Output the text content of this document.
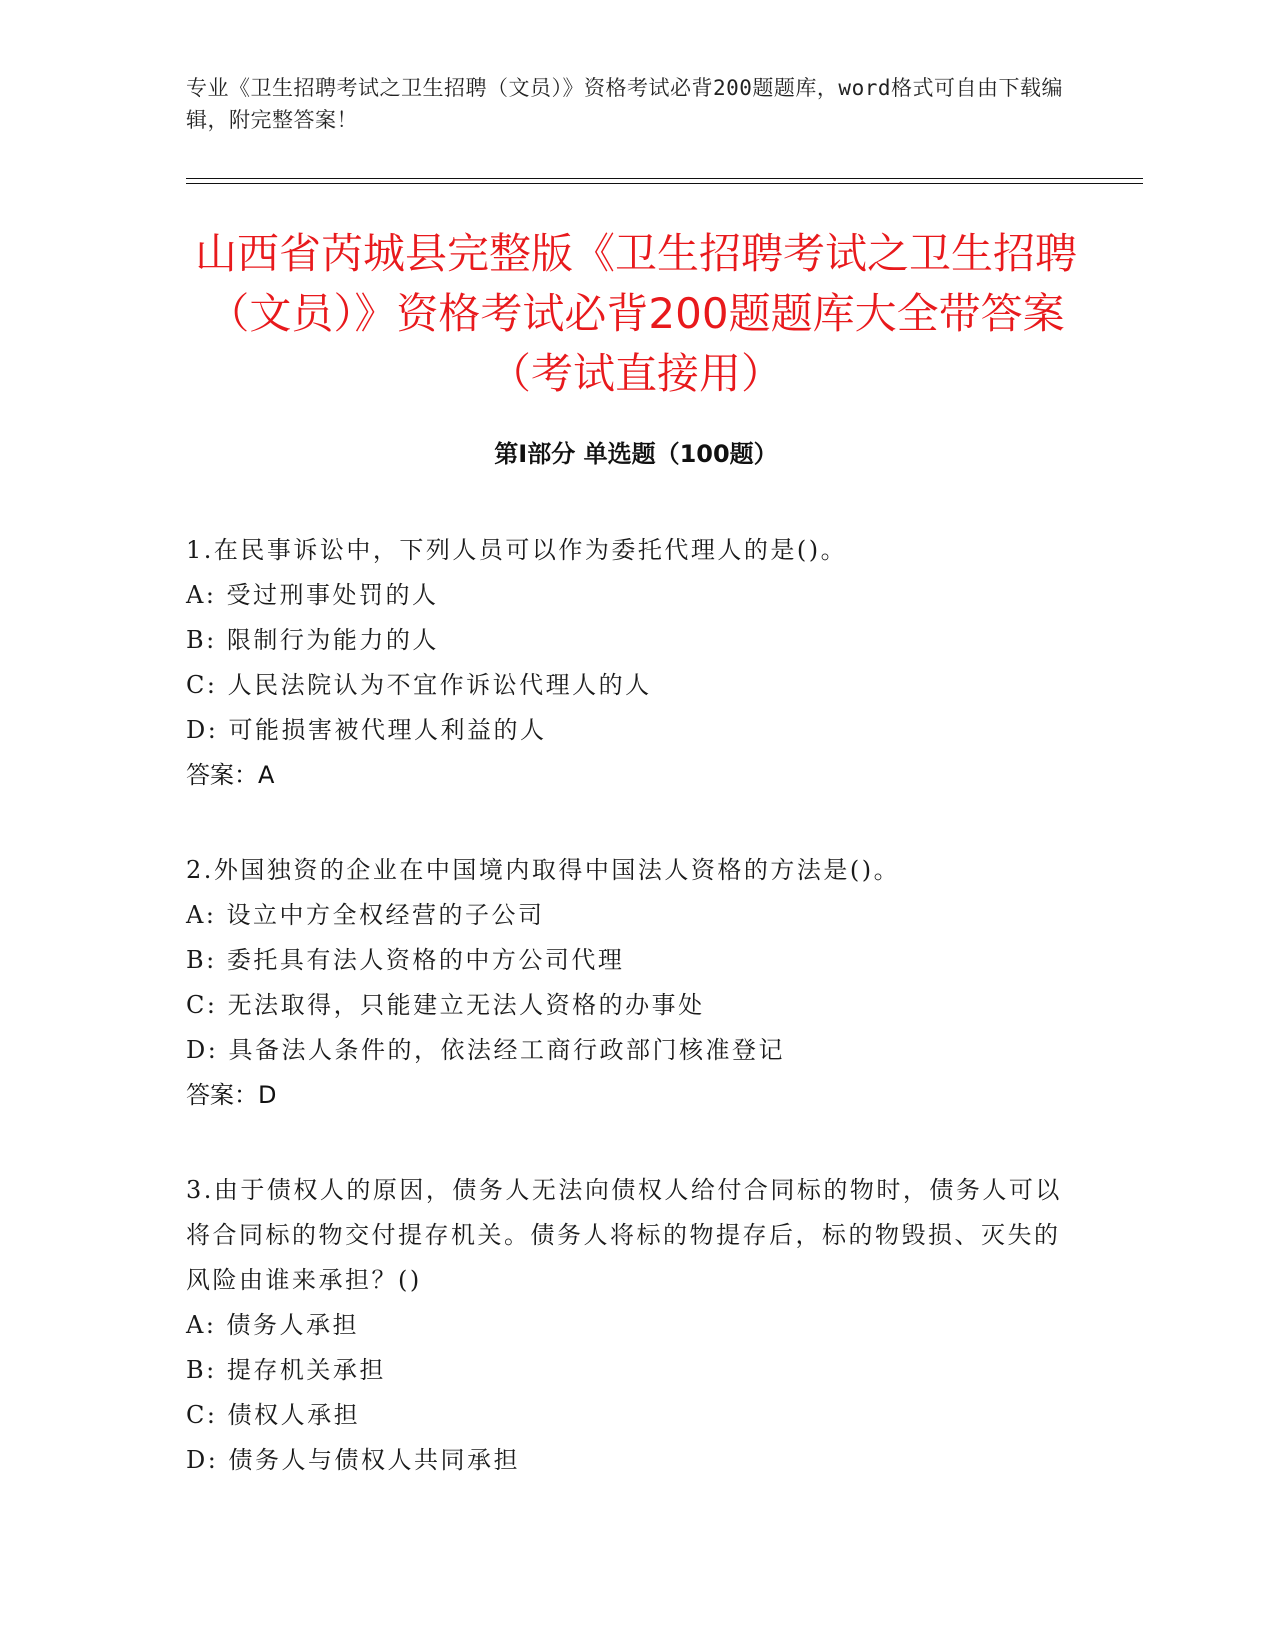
专业《卫生招聘考试之卫生招聘（文员）》资格考试必背200题题库，word格式可自由下载编辑，附完整答案！
山西省芮城县完整版《卫生招聘考试之卫生招聘（文员）》资格考试必背200题题库大全带答案（考试直接用）
第I部分 单选题（100题）
1.在民事诉讼中，下列人员可以作为委托代理人的是()。
A: 受过刑事处罚的人
B: 限制行为能力的人
C: 人民法院认为不宜作诉讼代理人的人
D: 可能损害被代理人利益的人
答案：A
2.外国独资的企业在中国境内取得中国法人资格的方法是()。
A: 设立中方全权经营的子公司
B: 委托具有法人资格的中方公司代理
C: 无法取得，只能建立无法人资格的办事处
D: 具备法人条件的，依法经工商行政部门核准登记
答案：D
3.由于债权人的原因，债务人无法向债权人给付合同标的物时，债务人可以将合同标的物交付提存机关。债务人将标的物提存后，标的物毁损、灭失的风险由谁来承担？()
A: 债务人承担
B: 提存机关承担
C: 债权人承担
D: 债务人与债权人共同承担
